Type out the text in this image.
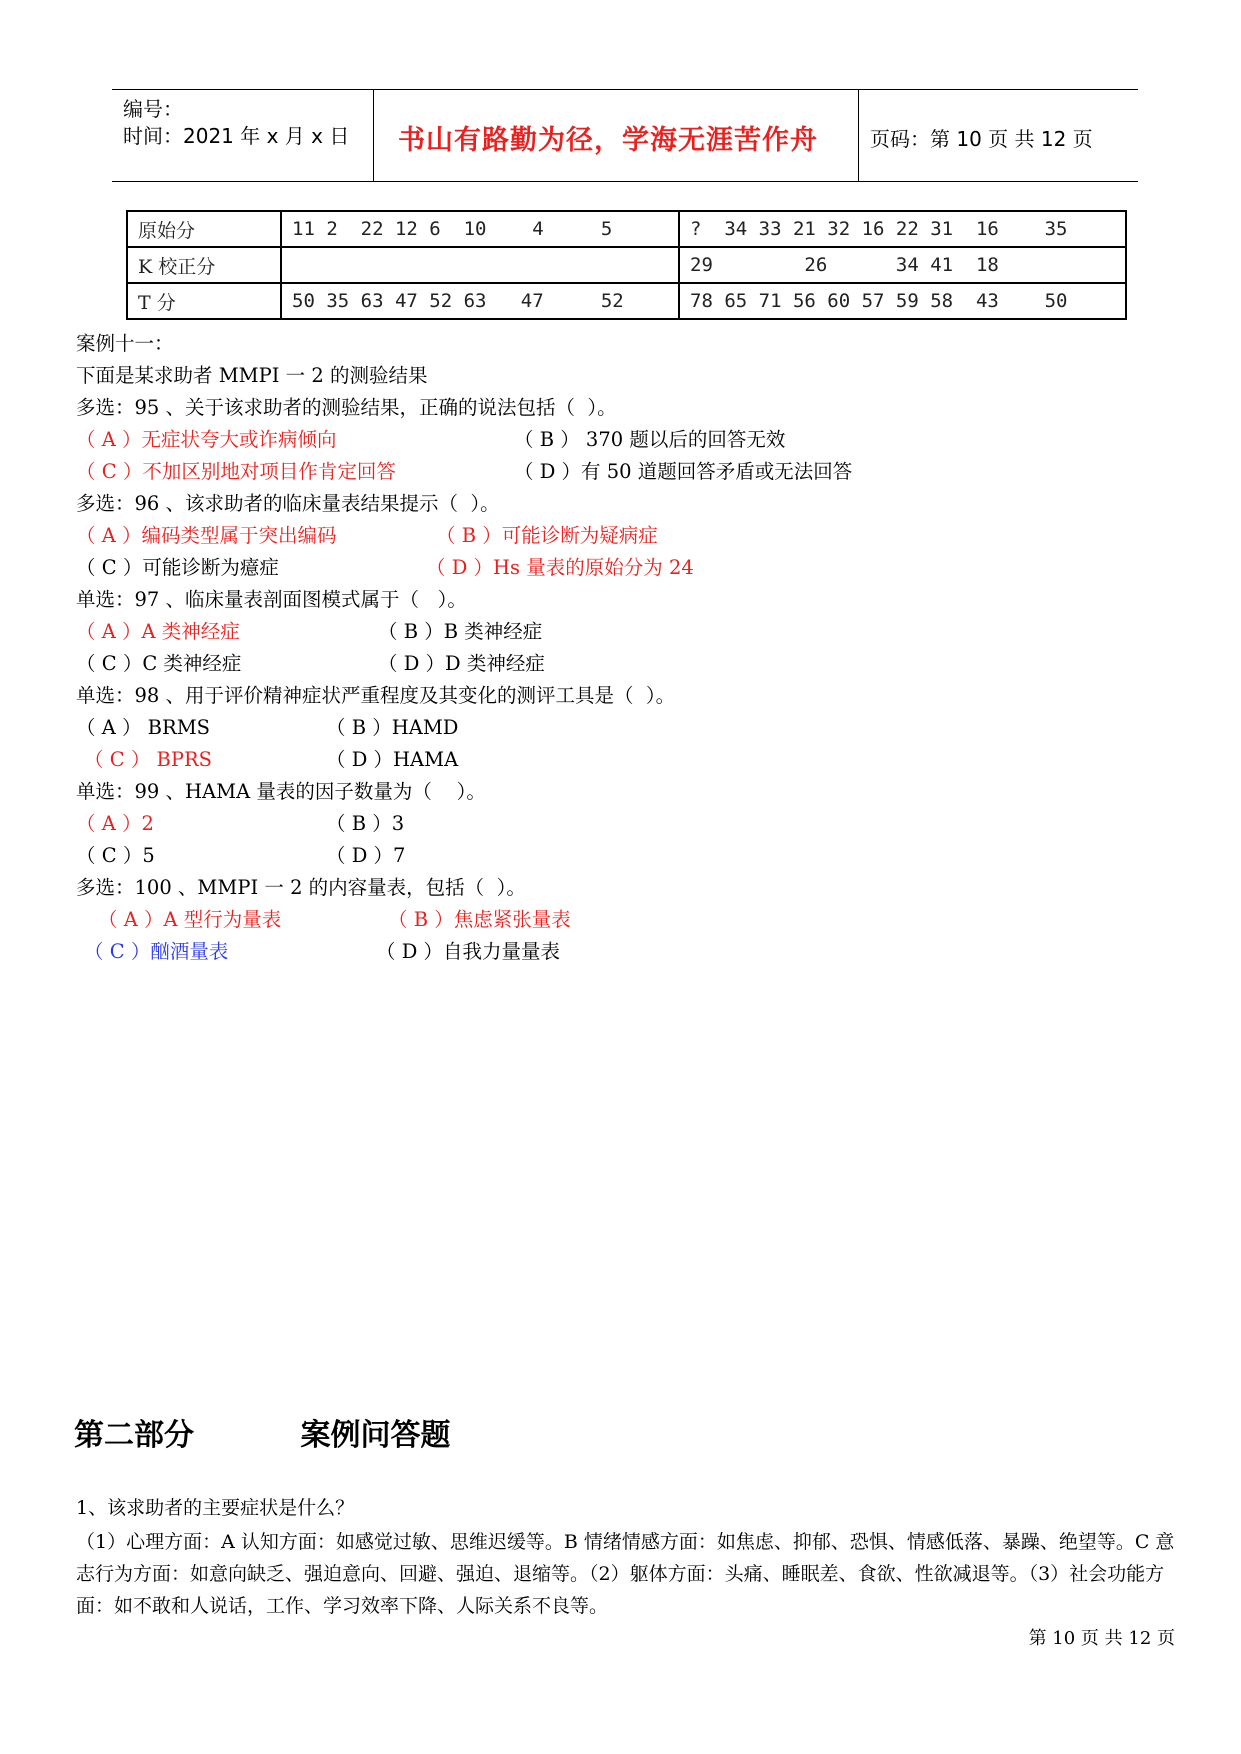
编号：
时间：2021 年 x 月 x 日 书山有路勤为径，学海无涯苦作舟	页码：第 10 页 共 12 页
原始分	11 2  22 12 6  10    4     5	?  34 33 21 32 16 22 31  16    35
K 校正分		29        26      34 41  18
T 分	50 35 63 47 52 63   47     52	78 65 71 56 60 57 59 58  43    50
案例十一：
下面是某求助者 MMPI 一 2 的测验结果
多选：95 、关于该求助者的测验结果，正确的说法包括（  ）。
（ A ）无症状夸大或诈病倾向	（ B ） 370 题以后的回答无效
（ C ）不加区别地对项目作肯定回答	（ D ）有 50 道题回答矛盾或无法回答
多选：96 、该求助者的临床量表结果提示（  ）。
（ A ）编码类型属于突出编码	（ B ）可能诊断为疑病症
（ C ）可能诊断为癔症	（ D ）Hs 量表的原始分为 24
单选：97 、临床量表剖面图模式属于（   ）。
（ A ）A 类神经症	（ B ）B 类神经症
（ C ）C 类神经症	（ D ）D 类神经症
单选：98 、用于评价精神症状严重程度及其变化的测评工具是（  ）。
（ A ） BRMS	（ B ）HAMD
（ C ） BPRS	（ D ）HAMA
单选：99 、HAMA 量表的因子数量为（    ）。
（ A ）2	（ B ）3
（ C ）5	（ D ）7
多选：100 、MMPI 一 2 的内容量表，包括（  ）。
（ A ）A 型行为量表	（ B ）焦虑紧张量表
（ C ）酗酒量表	（ D ）自我力量量表
第二部分	案例问答题
1、该求助者的主要症状是什么？
（1）心理方面：A 认知方面：如感觉过敏、思维迟缓等。B 情绪情感方面：如焦虑、抑郁、恐惧、情感低落、暴躁、绝望等。C 意志行为方面：如意向缺乏、强迫意向、回避、强迫、退缩等。（2）躯体方面：头痛、睡眠差、食欲、性欲减退等。（3）社会功能方面：如不敢和人说话，工作、学习效率下降、人际关系不良等。
第 10 页 共 12 页
